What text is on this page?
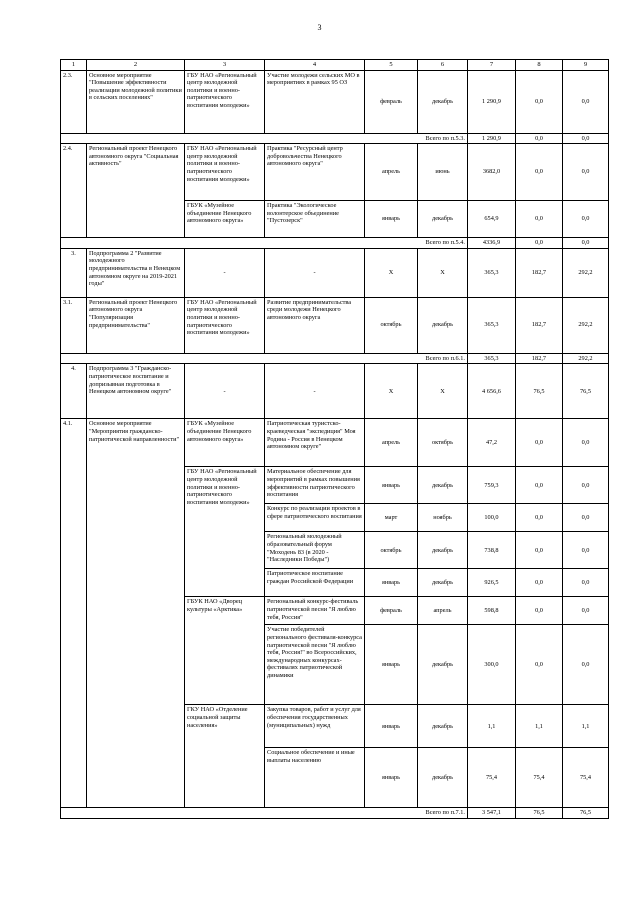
3
1	2	3	4	5	6	7	8	9
2.3.	Основное мероприятие "Повышение эффективности реализации молодежной политики в сельских поселениях"	ГБУ НАО «Региональный центр молодежной политики и военно-патриотического воспитания молодежи»	Участие молодежи сельских МО в мероприятиях в рамках 95 ОЗ	февраль	декабрь	1 290,9	0,0	0,0
Всего по п.5.3.						1 290,9	0,0	0,0
2.4.	Региональный проект Ненецкого автономного округа "Социальная активность"	ГБУ НАО «Региональный центр молодежной политики и военно-патриотического воспитания молодежи»	Практика "Ресурсный центр добровольчества Ненецкого автономного округа"	апрель	июнь	3682,0	0,0	0,0
		ГБУК «Музейное объединение Ненецкого автономного округа»	Практика "Экологическое волонтерское объединение "Пустозерск"	январь	декабрь	654,9	0,0	0,0
Всего по п.5.4.						4336,9	0,0	0,0
3.	Подпрограмма 2 "Развитие молодежного предпринимательства в Ненецком автономном округе на 2019-2021 годы"	-	-	Х	Х	365,3	182,7	292,2
3.1.	Региональный проект Ненецкого автономного округа "Популяризация предпринимательства"	ГБУ НАО «Региональный центр молодежной политики и военно-патриотического воспитания молодежи»	Развитие предпринимательства среди молодежи Ненецкого автономного округа	октябрь	декабрь	365,3	182,7	292,2
Всего по п.6.1.						365,3	182,7	292,2
4.	Подпрограмма 3 "Гражданско-патриотическое воспитание и допризывная подготовка в Ненецком автономном округе"	-	-	Х	Х	4 656,6	76,5	76,5
4.1.	Основное мероприятие "Мероприятия гражданско-патриотической направленности"	ГБУК «Музейное объединение Ненецкого автономного округа»	Патриотическая туристско-краеведческая "экспедиция" Моя Родина - Россия в Ненецком автономном округе"	апрель	октябрь	47,2	0,0	0,0
		ГБУ НАО «Региональный центр молодежной политики и военно-патриотического воспитания молодежи»	Материальное обеспечение для мероприятий в рамках повышения эффективности патриотического воспитания	январь	декабрь	759,3	0,0	0,0
			Конкурс по реализации проектов в сфере патриотического воспитания	март	ноябрь	100,0	0,0	0,0
			Региональный молодежный образовательный форум "Моходень 83 (в 2020 - "Наследники Победы")	октябрь	декабрь	738,8	0,0	0,0
			Патриотическое воспитание граждан Российской Федерации	январь	декабрь	926,5	0,0	0,0
		ГБУК НАО «Дворец культуры «Арктика»	Региональный конкурс-фестиваль патриотической песни "Я люблю тебя, Россия"	февраль	апрель	598,8	0,0	0,0
			Участие победителей регионального фестиваля-конкурса патриотической песни "Я люблю тебя, Россия!" во Всероссийских, международных конкурсах-фестивалях патриотической динамики	январь	декабрь	300,0	0,0	0,0
		ГКУ НАО «Отделение социальной защиты населения»	Закупка товаров, работ и услуг для обеспечения государственных (муниципальных) нужд	январь	декабрь	1,1	1,1	1,1
			Социальное обеспечение и иные выплаты населению	январь	декабрь	75,4	75,4	75,4
Всего по п.7.1.						3 547,1	76,5	76,5
